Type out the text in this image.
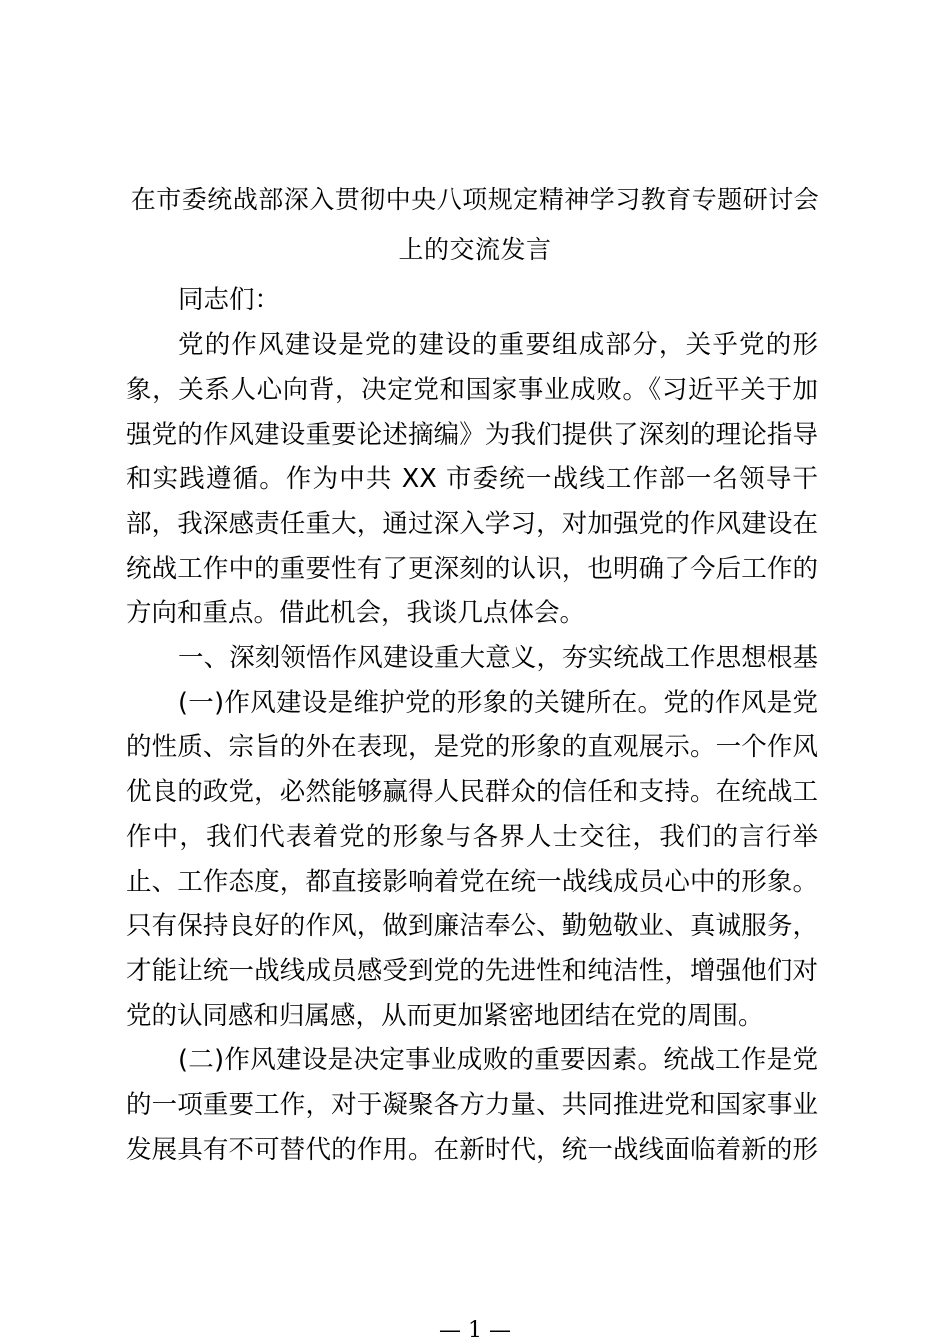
在市委统战部深入贯彻中央八项规定精神学习教育专题研讨会
上的交流发言
同志们：
党的作风建设是党的建设的重要组成部分，关乎党的形
象，关系人心向背，决定党和国家事业成败。《习近平关于加
强党的作风建设重要论述摘编》为我们提供了深刻的理论指导
和实践遵循。作为中共 XX 市委统一战线工作部一名领导干
部，我深感责任重大，通过深入学习，对加强党的作风建设在
统战工作中的重要性有了更深刻的认识，也明确了今后工作的
方向和重点。借此机会，我谈几点体会。
一、深刻领悟作风建设重大意义，夯实统战工作思想根基
(一)作风建设是维护党的形象的关键所在。党的作风是党
的性质、宗旨的外在表现，是党的形象的直观展示。一个作风
优良的政党，必然能够赢得人民群众的信任和支持。在统战工
作中，我们代表着党的形象与各界人士交往，我们的言行举
止、工作态度，都直接影响着党在统一战线成员心中的形象。
只有保持良好的作风，做到廉洁奉公、勤勉敬业、真诚服务，
才能让统一战线成员感受到党的先进性和纯洁性，增强他们对
党的认同感和归属感，从而更加紧密地团结在党的周围。
(二)作风建设是决定事业成败的重要因素。统战工作是党
的一项重要工作，对于凝聚各方力量、共同推进党和国家事业
发展具有不可替代的作用。在新时代，统一战线面临着新的形
— 1 —
